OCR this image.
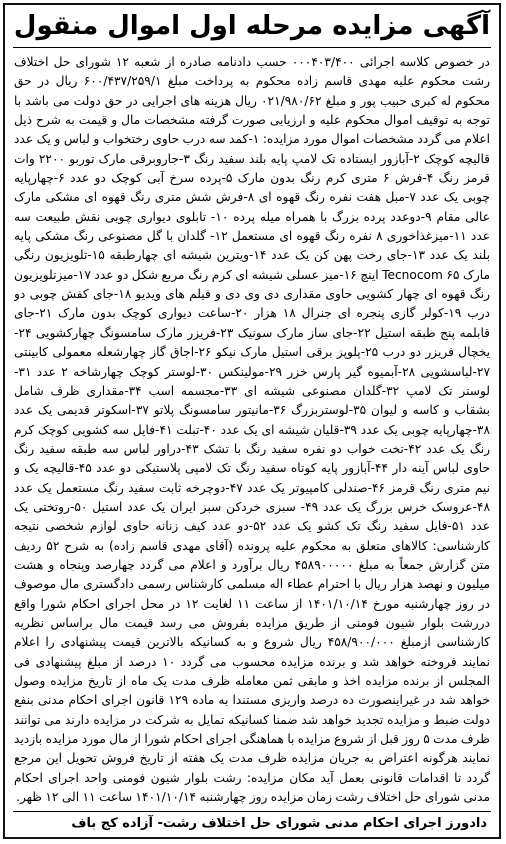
آگهی مزایده مرحله اول اموال منقول
در خصوص کلاسه اجرائی ۰۰۰۴۰۳/۴۰۰ حسب دادنامه صادره از شعبه ۱۲ شورای حل اختلاف رشت محکوم علیه مهدی قاسم زاده محکوم به پرداخت مبلغ ۶۰۰/۴۳۷/۲۵۹/۱ ریال در حق محکوم له کبری حبیب پور و مبلغ ۰۲۱/۹۸۰/۶۲ ریال هزینه های اجرایی در حق دولت می باشد با توجه به توقیف اموال محکوم علیه و ارزیابی صورت گرفته مشخصات مال و قیمت به شرح ذیل اعلام می گردد مشخصات اموال مورد مزایده: ۱-کمد سه درب حاوی رختخواب و لباس و یک عدد قالیچه کوچک ۲-آبازور ایستاده تک لامپ پایه بلند سفید رنگ ۳-جاروبرقی مارک توربو ۲۲۰۰ وات قرمز رنگ ۴-فرش ۶ متری کرم رنگ بدون مارک ۵-پرده سرخ آبی کوچک دو عدد ۶-چهارپایه چوبی یک عدد ۷-مبل هفت نفره رنگ قهوه ای ۸-فرش شش متری رنگ قهوه ای مشکی مارک عالی مقام ۹-دوعدد پرده بزرگ با همراه میله پرده ۱۰- تابلوی دیواری چوبی نقش طبیعت سه عدد ۱۱-میزغذاخوری ۸ نفره رنگ قهوه ای مستعمل ۱۲- گلدان با گل مصنوعی رنگ مشکی پایه بلند یک عدد ۱۳-جای رخت پهن کن یک عدد ۱۴-ویترین شیشه ای چهارطبقه ۱۵-تلویزیون رنگی مارک Tecnocom ۶۵ اینچ ۱۶-میز عسلی شیشه ای کرم رنگ مربع شکل دو عدد ۱۷-میزتلویزیون رنگ قهوه ای چهار کشویی حاوی مقداری دی وی دی و فیلم های ویدیو ۱۸-جای کفش چوبی دو درب ۱۹-کولر گازی پنجره ای جنرال ۱۸ هزار ۲۰-ساعت دیواری کوچک بدون مارک ۲۱-جای قابلمه پنج طبقه استیل ۲۲-جای ساز مارک سونیک ۲۳-فریزر مارک سامسونگ چهارکشویی ۲۴-یخچال فریزر دو درب ۲۵-پلوپز برقی استیل مارک نیکو ۲۶-اجاق گاز چهارشعله معمولی کابینتی ۲۷-لباسشویی ۲۸-آبمیوه گیر پارس خزر ۲۹-مولینکس ۳۰-لوستر کوچک چهارشاخه ۲ عدد ۳۱-لوستر تک لامپ ۳۲-گلدان مصنوعی شیشه ای ۳۳-مجسمه اسب ۳۴-مقداری ظرف شامل بشقاب و کاسه و لیوان ۳۵-لوستربزرگ ۳۶-مانیتور سامسونگ پلاتو ۳۷-اسکوتر قدیمی یک عدد ۳۸-چهارپایه چوبی یک عدد ۳۹-قلیان شیشه ای یک عدد ۴۰-تبلت ۴۱-فایل سه کشویی کوچک کرم رنگ یک عدد ۴۲-تخت خواب دو نفره سفید رنگ با تشک ۴۳-دراور لباس سه طبقه سفید رنگ حاوی لباس آینه دار ۴۴-آبازور پایه کوتاه سفید رنگ تک لامپی پلاستیکی دو عدد ۴۵-قالیچه یک و نیم متری رنگ قرمز ۴۶-صندلی کامپیوتر یک عدد ۴۷-دوچرخه ثابت سفید رنگ مستعمل یک عدد ۴۸-عروسک خرس بزرگ یک عدد ۴۹- سبزی خردکن سبز ایران یک عدد استیل ۵۰-روتختی یک عدد ۵۱-فایل سفید رنگ تک کشو یک عدد ۵۲-دو عدد کیف زنانه حاوی لوازم شخصی نتیجه کارشناسی: کالاهای متعلق به محکوم علیه پرونده (آقای مهدی قاسم زاده) به شرح ۵۲ ردیف متن گزارش جمعاً به مبلغ ۴۵۸۹۰۰۰۰۰ ریال برآورد و اعلام می گردد چهارصد وپنجاه و هشت میلیون و نهصد هزار ریال با احترام عطاء اله مسلمی کارشناس رسمی دادگستری مال موصوف در روز چهارشنبه مورخ ۱۴۰۱/۱۰/۱۴ از ساعت ۱۱ لغایت ۱۲ در محل اجرای احکام شورا واقع دررشت بلوار شیون فومنی از طریق مزایده بفروش می رسد قیمت مال براساس نظریه کارشناسی ازمبلغ ۴۵۸/۹۰۰/۰۰۰ ریال شروع و به کسانیکه بالاترین قیمت پیشنهادی را اعلام نمایند فروخته خواهد شد و برنده مزایده محسوب می گردد ۱۰ درصد از مبلغ پیشنهادی فی المجلس از برنده مزایده اخذ و مابقی ثمن معامله ظرف مدت یک ماه از تاریخ مزایده وصول خواهد شد در غیراینصورت ده درصد واریزی مستندا به ماده ۱۲۹ قانون اجرای احکام مدنی بنفع دولت ضبط و مزایده تجدید خواهد شد ضمنا کسانیکه تمایل به شرکت در مزایده دارند می توانند ظرف مدت ۵ روز قبل از شروع مزایده با هماهنگی اجرای احکام شورا از مال مورد مزایده بازدید نمایند هرگونه اعتراض به جریان مزایده ظرف مدت یک هفته از تاریخ فروش تحویل این مرجع گردد تا اقدامات قانونی بعمل آید مکان مزایده: رشت بلوار شیون فومنی واحد اجرای احکام مدنی شورای حل اختلاف رشت زمان مزایده روز چهارشنبه ۱۴۰۱/۱۰/۱۴ ساعت ۱۱ الی ۱۲ ظهر.
دادورز اجرای احکام مدنی شورای حل اختلاف رشت- آزاده کج باف
